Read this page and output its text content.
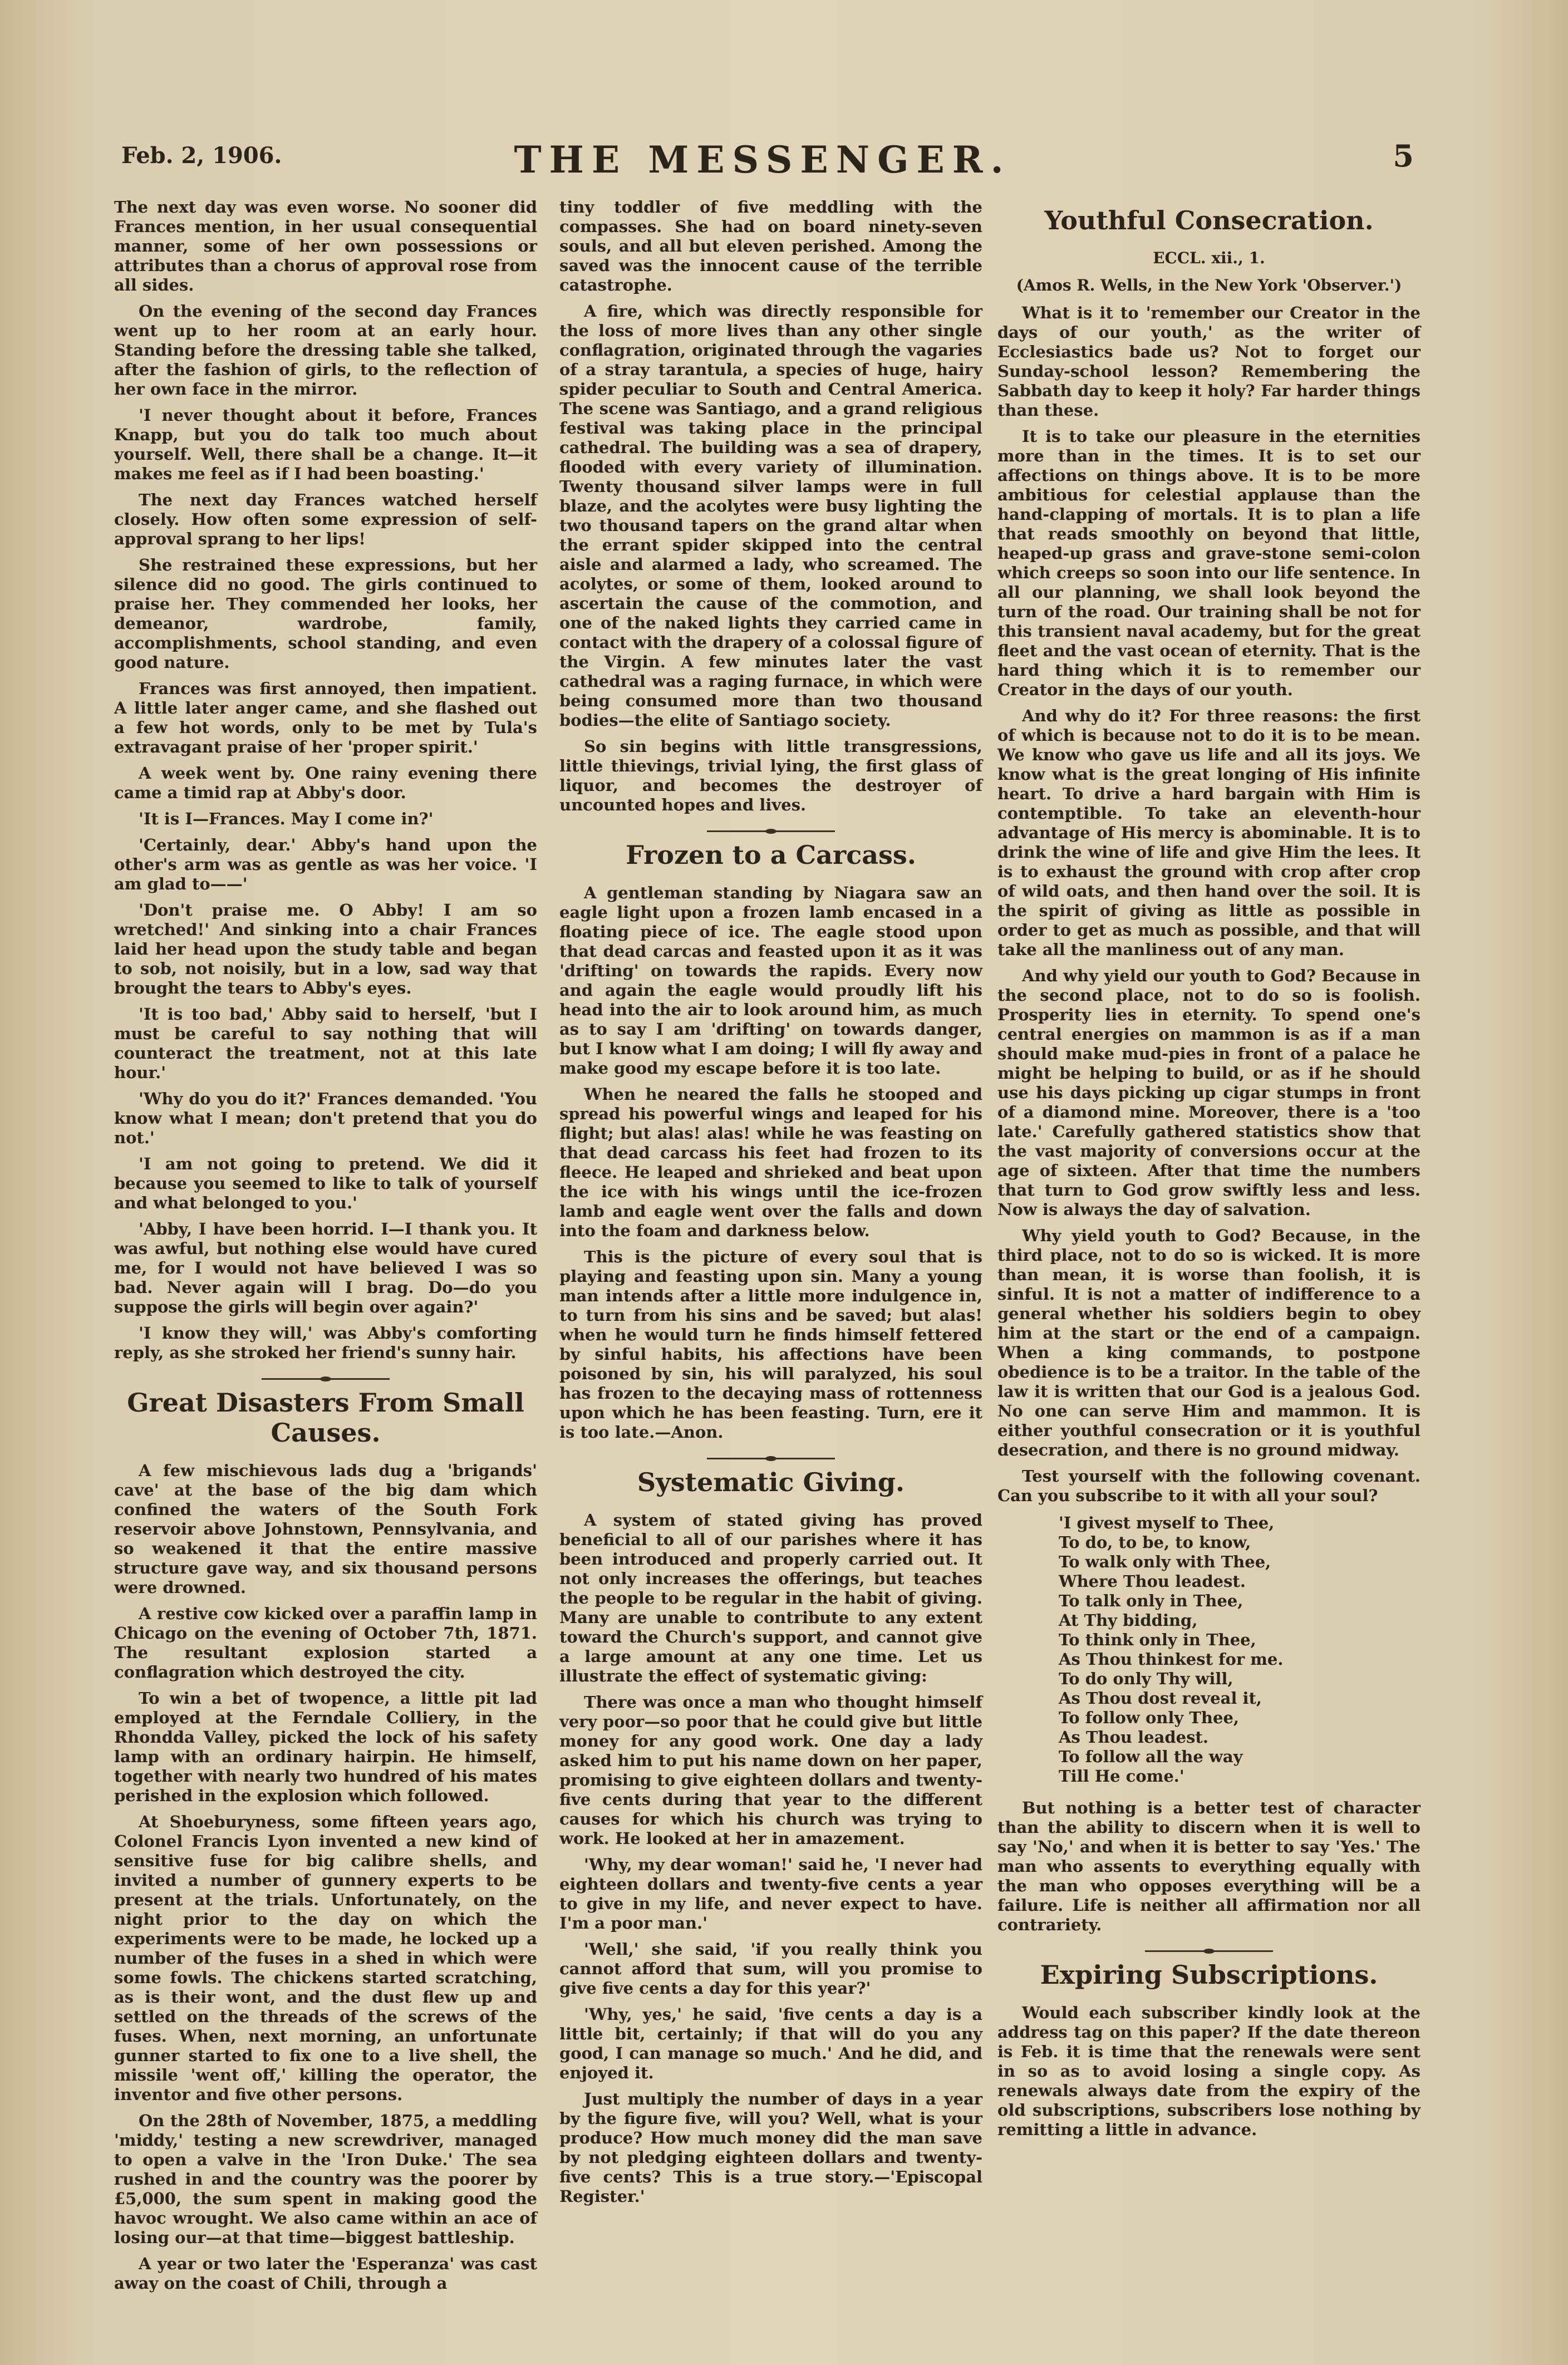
Feb. 2, 1906.	THE MESSENGER.	5

The next day was even worse. No sooner did Frances mention, in her usual consequential manner, some of her own possessions or attributes than a chorus of approval rose from all sides.

On the evening of the second day Frances went up to her room at an early hour. Standing before the dressing table she talked, after the fashion of girls, to the reflection of her own face in the mirror.

'I never thought about it before, Frances Knapp, but you do talk too much about yourself. Well, there shall be a change. It—it makes me feel as if I had been boasting.'

The next day Frances watched herself closely. How often some expression of self-approval sprang to her lips!

She restrained these expressions, but her silence did no good. The girls continued to praise her. They commended her looks, her demeanor, wardrobe, family, accomplishments, school standing, and even good nature.

Frances was first annoyed, then impatient. A little later anger came, and she flashed out a few hot words, only to be met by Tula's extravagant praise of her 'proper spirit.'

A week went by. One rainy evening there came a timid rap at Abby's door.

'It is I—Frances. May I come in?'

'Certainly, dear.' Abby's hand upon the other's arm was as gentle as was her voice. 'I am glad to——'

'Don't praise me. O Abby! I am so wretched!' And sinking into a chair Frances laid her head upon the study table and began to sob, not noisily, but in a low, sad way that brought the tears to Abby's eyes.

'It is too bad,' Abby said to herself, 'but I must be careful to say nothing that will counteract the treatment, not at this late hour.'

'Why do you do it?' Frances demanded. 'You know what I mean; don't pretend that you do not.'

'I am not going to pretend. We did it because you seemed to like to talk of yourself and what belonged to you.'

'Abby, I have been horrid. I—I thank you. It was awful, but nothing else would have cured me, for I would not have believed I was so bad. Never again will I brag. Do—do you suppose the girls will begin over again?'

'I know they will,' was Abby's comforting reply, as she stroked her friend's sunny hair.

Great Disasters From Small Causes.

A few mischievous lads dug a 'brigands' cave' at the base of the big dam which confined the waters of the South Fork reservoir above Johnstown, Pennsylvania, and so weakened it that the entire massive structure gave way, and six thousand persons were drowned.

A restive cow kicked over a paraffin lamp in Chicago on the evening of October 7th, 1871. The resultant explosion started a conflagration which destroyed the city.

To win a bet of twopence, a little pit lad employed at the Ferndale Colliery, in the Rhondda Valley, picked the lock of his safety lamp with an ordinary hairpin. He himself, together with nearly two hundred of his mates perished in the explosion which followed.

At Shoeburyness, some fifteen years ago, Colonel Francis Lyon invented a new kind of sensitive fuse for big calibre shells, and invited a number of gunnery experts to be present at the trials. Unfortunately, on the night prior to the day on which the experiments were to be made, he locked up a number of the fuses in a shed in which were some fowls. The chickens started scratching, as is their wont, and the dust flew up and settled on the threads of the screws of the fuses. When, next morning, an unfortunate gunner started to fix one to a live shell, the missile 'went off,' killing the operator, the inventor and five other persons.

On the 28th of November, 1875, a meddling 'middy,' testing a new screwdriver, managed to open a valve in the 'Iron Duke.' The sea rushed in and the country was the poorer by £5,000, the sum spent in making good the havoc wrought. We also came within an ace of losing our—at that time—biggest battleship.

A year or two later the 'Esperanza' was cast away on the coast of Chili, through a

tiny toddler of five meddling with the compasses. She had on board ninety-seven souls, and all but eleven perished. Among the saved was the innocent cause of the terrible catastrophe.

A fire, which was directly responsible for the loss of more lives than any other single conflagration, originated through the vagaries of a stray tarantula, a species of huge, hairy spider peculiar to South and Central America. The scene was Santiago, and a grand religious festival was taking place in the principal cathedral. The building was a sea of drapery, flooded with every variety of illumination. Twenty thousand silver lamps were in full blaze, and the acolytes were busy lighting the two thousand tapers on the grand altar when the errant spider skipped into the central aisle and alarmed a lady, who screamed. The acolytes, or some of them, looked around to ascertain the cause of the commotion, and one of the naked lights they carried came in contact with the drapery of a colossal figure of the Virgin. A few minutes later the vast cathedral was a raging furnace, in which were being consumed more than two thousand bodies—the elite of Santiago society.

So sin begins with little transgressions, little thievings, trivial lying, the first glass of liquor, and becomes the destroyer of uncounted hopes and lives.

Frozen to a Carcass.

A gentleman standing by Niagara saw an eagle light upon a frozen lamb encased in a floating piece of ice. The eagle stood upon that dead carcas and feasted upon it as it was 'drifting' on towards the rapids. Every now and again the eagle would proudly lift his head into the air to look around him, as much as to say I am 'drifting' on towards danger, but I know what I am doing; I will fly away and make good my escape before it is too late.

When he neared the falls he stooped and spread his powerful wings and leaped for his flight; but alas! alas! while he was feasting on that dead carcass his feet had frozen to its fleece. He leaped and shrieked and beat upon the ice with his wings until the ice-frozen lamb and eagle went over the falls and down into the foam and darkness below.

This is the picture of every soul that is playing and feasting upon sin. Many a young man intends after a little more indulgence in, to turn from his sins and be saved; but alas! when he would turn he finds himself fettered by sinful habits, his affections have been poisoned by sin, his will paralyzed, his soul has frozen to the decaying mass of rottenness upon which he has been feasting. Turn, ere it is too late.—Anon.

Systematic Giving.

A system of stated giving has proved beneficial to all of our parishes where it has been introduced and properly carried out. It not only increases the offerings, but teaches the people to be regular in the habit of giving. Many are unable to contribute to any extent toward the Church's support, and cannot give a large amount at any one time. Let us illustrate the effect of systematic giving:

There was once a man who thought himself very poor—so poor that he could give but little money for any good work. One day a lady asked him to put his name down on her paper, promising to give eighteen dollars and twenty-five cents during that year to the different causes for which his church was trying to work. He looked at her in amazement.

'Why, my dear woman!' said he, 'I never had eighteen dollars and twenty-five cents a year to give in my life, and never expect to have. I'm a poor man.'

'Well,' she said, 'if you really think you cannot afford that sum, will you promise to give five cents a day for this year?'

'Why, yes,' he said, 'five cents a day is a little bit, certainly; if that will do you any good, I can manage so much.' And he did, and enjoyed it.

Just multiply the number of days in a year by the figure five, will you? Well, what is your produce? How much money did the man save by not pledging eighteen dollars and twenty-five cents? This is a true story.—'Episcopal Register.'

Youthful Consecration.
ECCL. xii., 1.
(Amos R. Wells, in the New York 'Observer.')

What is it to 'remember our Creator in the days of our youth,' as the writer of Ecclesiastics bade us? Not to forget our Sunday-school lesson? Remembering the Sabbath day to keep it holy? Far harder things than these.

It is to take our pleasure in the eternities more than in the times. It is to set our affections on things above. It is to be more ambitious for celestial applause than the hand-clapping of mortals. It is to plan a life that reads smoothly on beyond that little, heaped-up grass and grave-stone semi-colon which creeps so soon into our life sentence. In all our planning, we shall look beyond the turn of the road. Our training shall be not for this transient naval academy, but for the great fleet and the vast ocean of eternity. That is the hard thing which it is to remember our Creator in the days of our youth.

And why do it? For three reasons: the first of which is because not to do it is to be mean. We know who gave us life and all its joys. We know what is the great longing of His infinite heart. To drive a hard bargain with Him is contemptible. To take an eleventh-hour advantage of His mercy is abominable. It is to drink the wine of life and give Him the lees. It is to exhaust the ground with crop after crop of wild oats, and then hand over the soil. It is the spirit of giving as little as possible in order to get as much as possible, and that will take all the manliness out of any man.

And why yield our youth to God? Because in the second place, not to do so is foolish. Prosperity lies in eternity. To spend one's central energies on mammon is as if a man should make mud-pies in front of a palace he might be helping to build, or as if he should use his days picking up cigar stumps in front of a diamond mine. Moreover, there is a 'too late.' Carefully gathered statistics show that the vast majority of conversions occur at the age of sixteen. After that time the numbers that turn to God grow swiftly less and less. Now is always the day of salvation.

Why yield youth to God? Because, in the third place, not to do so is wicked. It is more than mean, it is worse than foolish, it is sinful. It is not a matter of indifference to a general whether his soldiers begin to obey him at the start or the end of a campaign. When a king commands, to postpone obedience is to be a traitor. In the table of the law it is written that our God is a jealous God. No one can serve Him and mammon. It is either youthful consecration or it is youthful desecration, and there is no ground midway.

Test yourself with the following covenant. Can you subscribe to it with all your soul?

'I givest myself to Thee,
To do, to be, to know,
To walk only with Thee,
Where Thou leadest.
To talk only in Thee,
At Thy bidding,
To think only in Thee,
As Thou thinkest for me.
To do only Thy will,
As Thou dost reveal it,
To follow only Thee,
As Thou leadest.
To follow all the way
Till He come.'

But nothing is a better test of character than the ability to discern when it is well to say 'No,' and when it is better to say 'Yes.' The man who assents to everything equally with the man who opposes everything will be a failure. Life is neither all affirmation nor all contrariety.

Expiring Subscriptions.

Would each subscriber kindly look at the address tag on this paper? If the date thereon is Feb. it is time that the renewals were sent in so as to avoid losing a single copy. As renewals always date from the expiry of the old subscriptions, subscribers lose nothing by remitting a little in advance.
